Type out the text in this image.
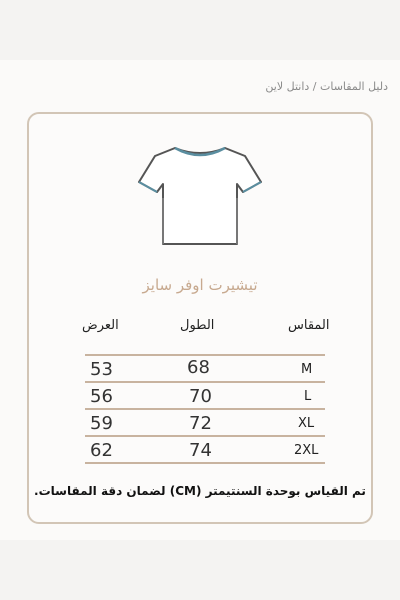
دليل المقاسات / دانتل لاين
تيشيرت اوفر سايز
المقاس
الطول
العرض
M
68
53
L
70
56
XL
72
59
2XL
74
62
تم القياس بوحدة السنتيمتر (CM) لضمان دقة المقاسات.
